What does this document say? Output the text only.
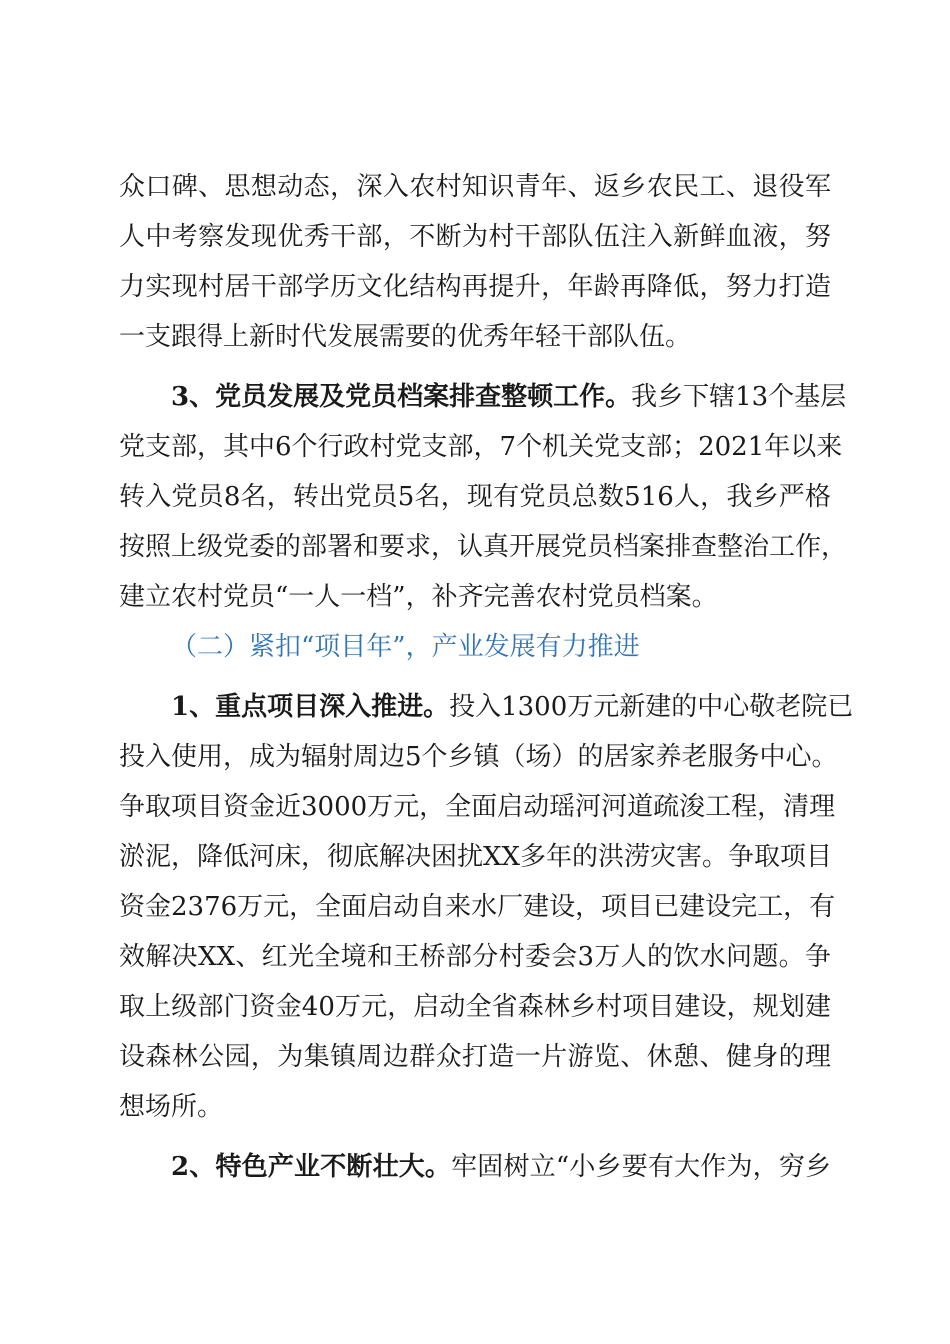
众口碑、思想动态，深入农村知识青年、返乡农民工、退役军
人中考察发现优秀干部，不断为村干部队伍注入新鲜血液，努
力实现村居干部学历文化结构再提升，年龄再降低，努力打造
一支跟得上新时代发展需要的优秀年轻干部队伍。
3、党员发展及党员档案排查整顿工作。我乡下辖13个基层
党支部，其中6个行政村党支部，7个机关党支部；2021年以来
转入党员8名，转出党员5名，现有党员总数516人，我乡严格
按照上级党委的部署和要求，认真开展党员档案排查整治工作，
建立农村党员“一人一档”，补齐完善农村党员档案。
（二）紧扣“项目年”，产业发展有力推进
1、重点项目深入推进。投入1300万元新建的中心敬老院已
投入使用，成为辐射周边5个乡镇（场）的居家养老服务中心。
争取项目资金近3000万元，全面启动瑶河河道疏浚工程，清理
淤泥，降低河床，彻底解决困扰XX多年的洪涝灾害。争取项目
资金2376万元，全面启动自来水厂建设，项目已建设完工，有
效解决XX、红光全境和王桥部分村委会3万人的饮水问题。争
取上级部门资金40万元，启动全省森林乡村项目建设，规划建
设森林公园，为集镇周边群众打造一片游览、休憩、健身的理
想场所。
2、特色产业不断壮大。牢固树立“小乡要有大作为，穷乡
